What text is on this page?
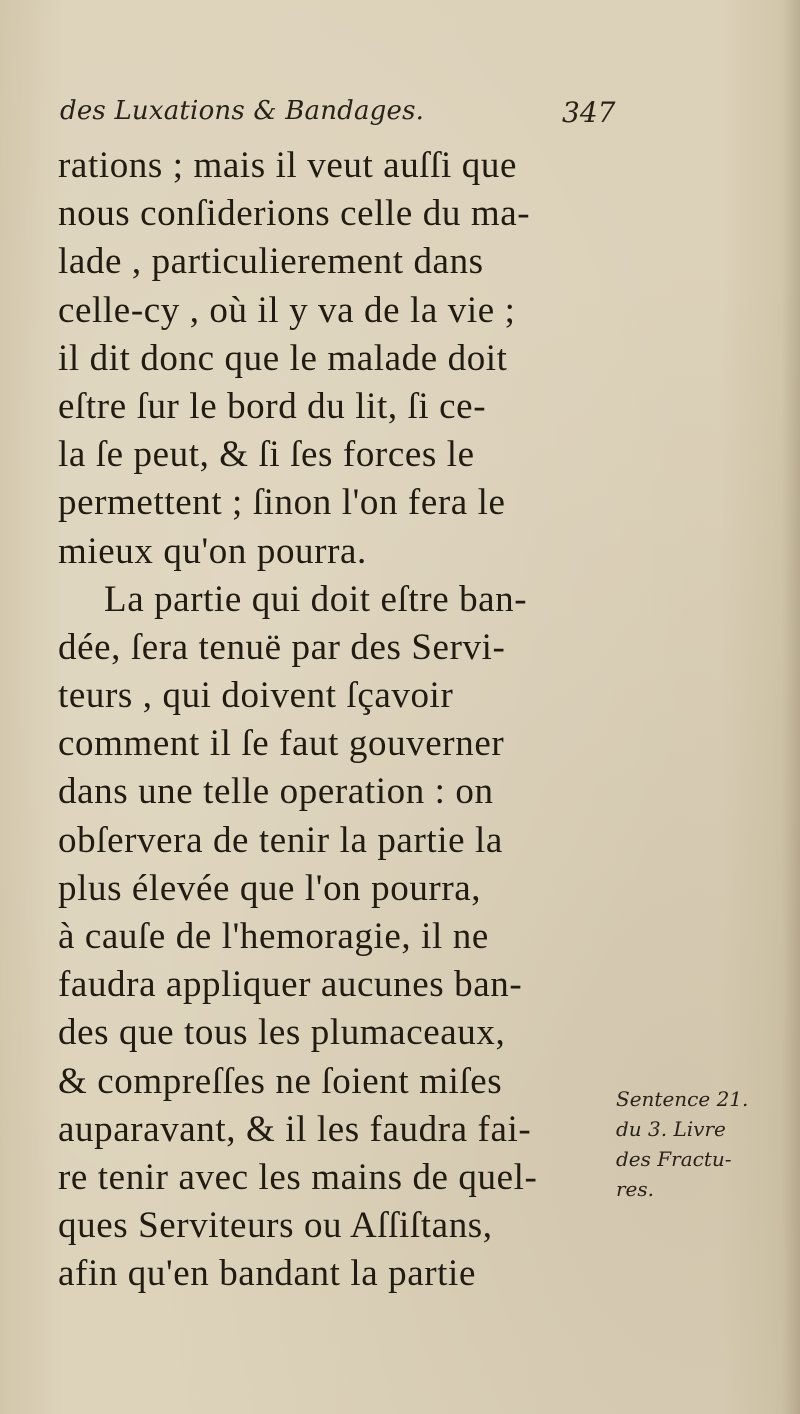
des Luxations & Bandages.	347
rations ; mais il veut auſſi que
nous conſiderions celle du ma-
lade , particulierement dans
celle-cy , où il y va de la vie ;
il dit donc que le malade doit
eſtre ſur le bord du lit, ſi ce-
la ſe peut, & ſi ſes forces le
permettent ; ſinon l'on fera le
mieux qu'on pourra.
La partie qui doit eſtre ban-
dée, ſera tenuë par des Servi-
teurs , qui doivent ſçavoir
comment il ſe faut gouverner
dans une telle operation : on
obſervera de tenir la partie la
plus élevée que l'on pourra,
à cauſe de l'hemoragie, il ne
faudra appliquer aucunes ban-
des que tous les plumaceaux,
& compreſſes ne ſoient miſes
auparavant, & il les faudra fai-
re tenir avec les mains de quel-
ques Serviteurs ou Aſſiſtans,
afin qu'en bandant la partie
Sentence 21.
du 3. Livre
des Fractu-
res.
